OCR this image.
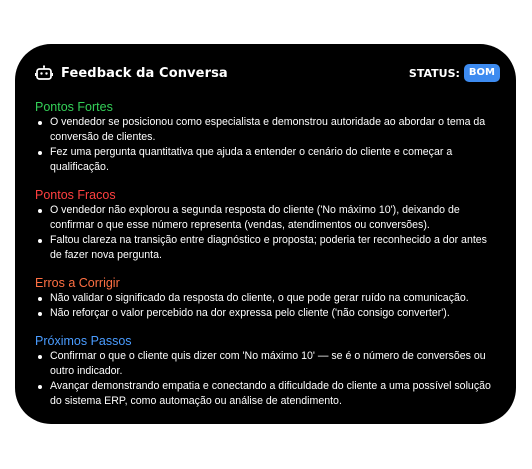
Feedback da Conversa	STATUS: BOM
Pontos Fortes
O vendedor se posicionou como especialista e demonstrou autoridade ao abordar o tema da conversão de clientes.
Fez uma pergunta quantitativa que ajuda a entender o cenário do cliente e começar a qualificação.
Pontos Fracos
O vendedor não explorou a segunda resposta do cliente ('No máximo 10'), deixando de confirmar o que esse número representa (vendas, atendimentos ou conversões).
Faltou clareza na transição entre diagnóstico e proposta; poderia ter reconhecido a dor antes de fazer nova pergunta.
Erros a Corrigir
Não validar o significado da resposta do cliente, o que pode gerar ruído na comunicação.
Não reforçar o valor percebido na dor expressa pelo cliente ('não consigo converter').
Próximos Passos
Confirmar o que o cliente quis dizer com 'No máximo 10' — se é o número de conversões ou outro indicador.
Avançar demonstrando empatia e conectando a dificuldade do cliente a uma possível solução do sistema ERP, como automação ou análise de atendimento.
